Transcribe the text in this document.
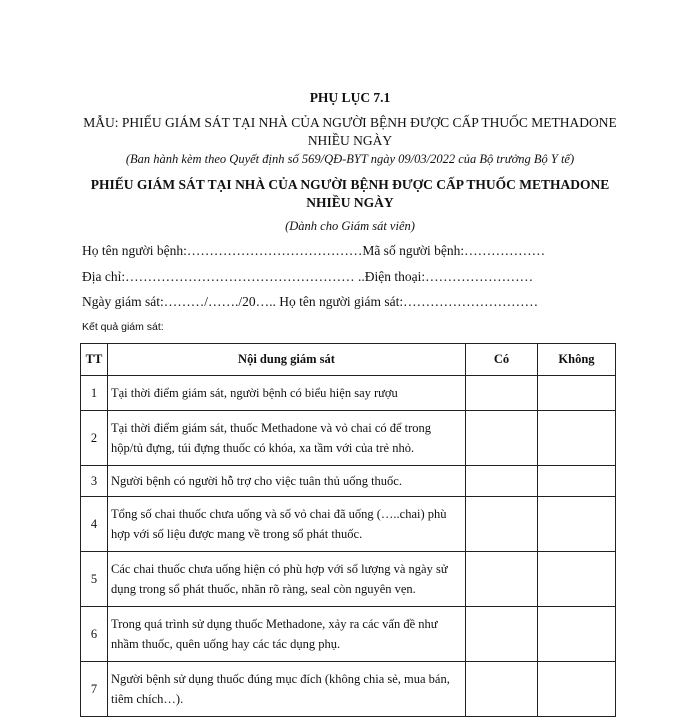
PHỤ LỤC 7.1
MẪU: PHIẾU GIÁM SÁT TẠI NHÀ CỦA NGƯỜI BỆNH ĐƯỢC CẤP THUỐC METHADONE NHIỀU NGÀY
(Ban hành kèm theo Quyết định số 569/QĐ-BYT ngày 09/03/2022 của Bộ trưởng Bộ Y tế)
PHIẾU GIÁM SÁT TẠI NHÀ CỦA NGƯỜI BỆNH ĐƯỢC CẤP THUỐC METHADONE NHIỀU NGÀY
(Dành cho Giám sát viên)
Họ tên người bệnh:…………………………………Mã số người bệnh:………………
Địa chỉ:…………………………………………… ..Điện thoại:……………………
Ngày giám sát:………/……./20….. Họ tên người giám sát:…………………………
Kết quả giám sát:
TT	Nội dung giám sát	Có	Không
1	Tại thời điểm giám sát, người bệnh có biểu hiện say rượu		
2	Tại thời điểm giám sát, thuốc Methadone và vỏ chai có để trong hộp/tủ đựng, túi đựng thuốc có khóa, xa tầm với của trẻ nhỏ.		
3	Người bệnh có người hỗ trợ cho việc tuân thủ uống thuốc.		
4	Tổng số chai thuốc chưa uống và số vỏ chai đã uống (…..chai) phù hợp với số liệu được mang về trong sổ phát thuốc.		
5	Các chai thuốc chưa uống hiện có phù hợp với số lượng và ngày sử dụng trong sổ phát thuốc, nhãn rõ ràng, seal còn nguyên vẹn.		
6	Trong quá trình sử dụng thuốc Methadone, xảy ra các vấn đề như nhầm thuốc, quên uống hay các tác dụng phụ.		
7	Người bệnh sử dụng thuốc đúng mục đích (không chia sẻ, mua bán, tiêm chích…).		
